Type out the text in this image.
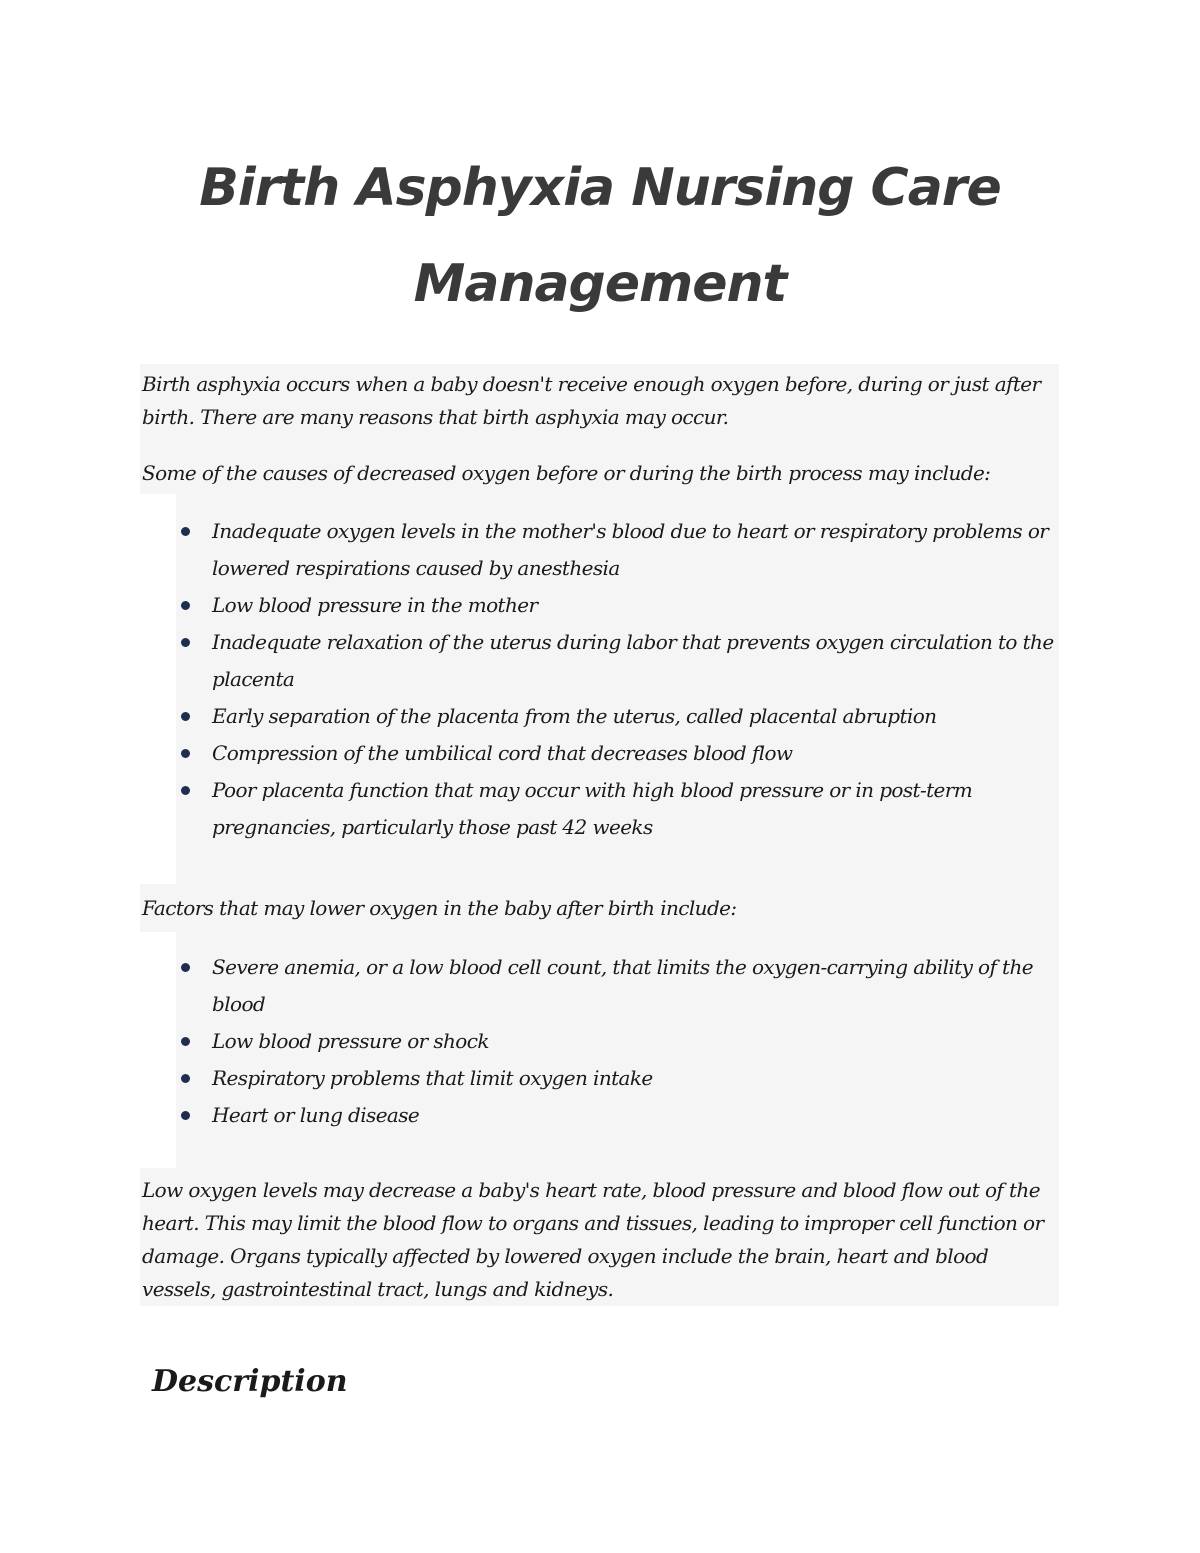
Birth Asphyxia Nursing Care
Management

Birth asphyxia occurs when a baby doesn't receive enough oxygen before, during or just after birth. There are many reasons that birth asphyxia may occur.

Some of the causes of decreased oxygen before or during the birth process may include:

Inadequate oxygen levels in the mother's blood due to heart or respiratory problems or lowered respirations caused by anesthesia
Low blood pressure in the mother
Inadequate relaxation of the uterus during labor that prevents oxygen circulation to the placenta
Early separation of the placenta from the uterus, called placental abruption
Compression of the umbilical cord that decreases blood flow
Poor placenta function that may occur with high blood pressure or in post-term pregnancies, particularly those past 42 weeks

Factors that may lower oxygen in the baby after birth include:

Severe anemia, or a low blood cell count, that limits the oxygen-carrying ability of the blood
Low blood pressure or shock
Respiratory problems that limit oxygen intake
Heart or lung disease

Low oxygen levels may decrease a baby's heart rate, blood pressure and blood flow out of the heart. This may limit the blood flow to organs and tissues, leading to improper cell function or damage. Organs typically affected by lowered oxygen include the brain, heart and blood vessels, gastrointestinal tract, lungs and kidneys.

Description
